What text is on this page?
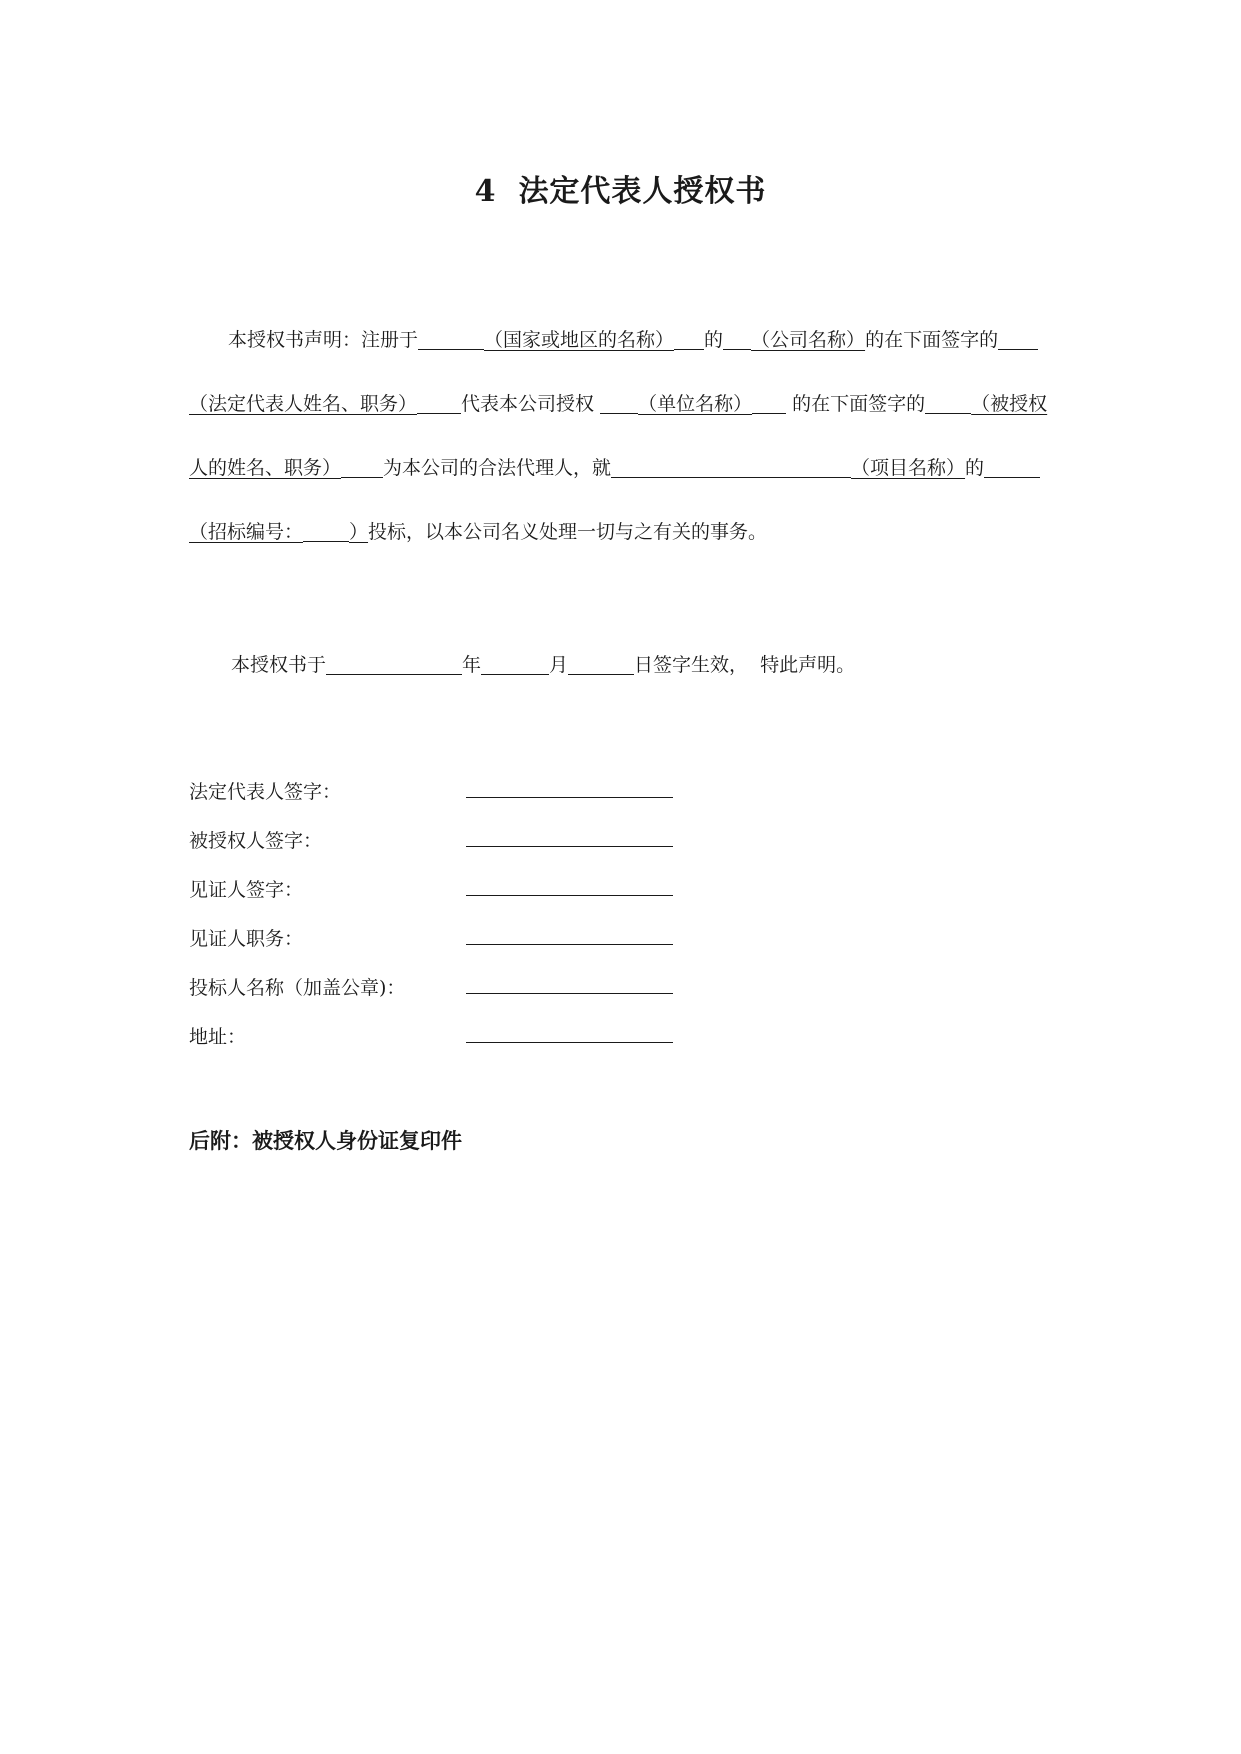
4 法定代表人授权书
本授权书声明：注册于	（国家或地区的名称） 的 （公司名称）的在下面签字的
（法定代表人姓名、职务） 代表本公司授权 （单位名称） 的在下面签字的 （被授权
人的姓名、职务） 为本公司的合法代理人，就	（项目名称）的
（招标编号： ）投标，以本公司名义处理一切与之有关的事务。
本授权书于	年	月	日签字生效， 特此声明。
法定代表人签字：
被授权人签字：
见证人签字：
见证人职务：
投标人名称（加盖公章)：
地址：
后附：被授权人身份证复印件
